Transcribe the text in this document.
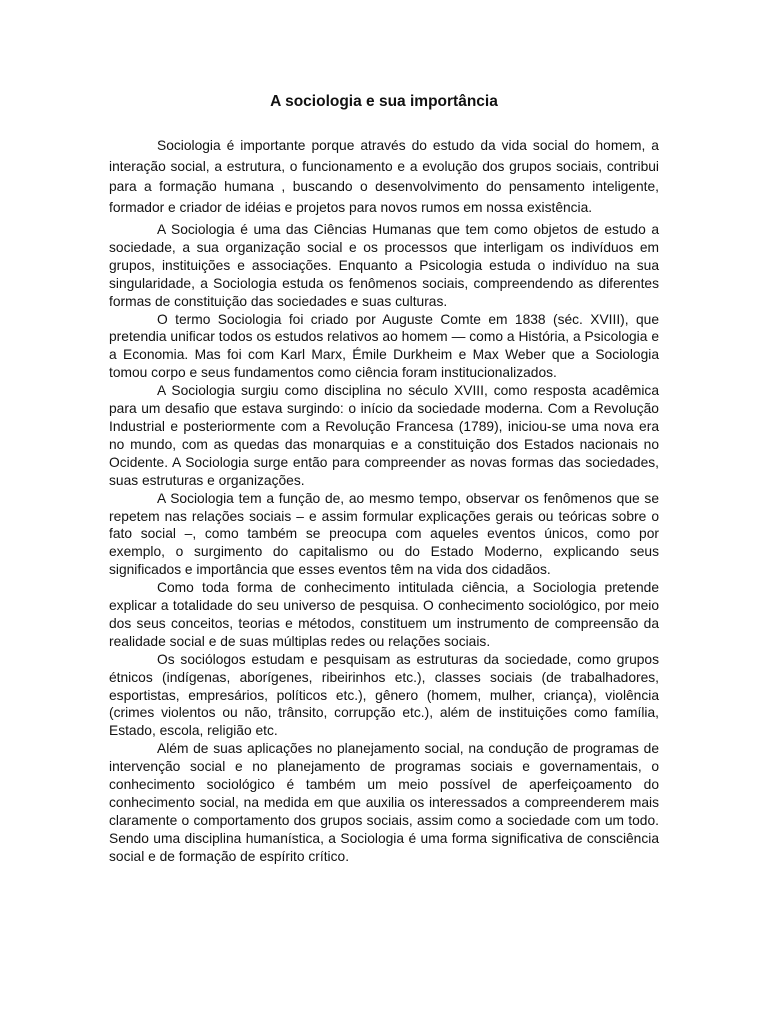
A sociologia e sua importância

Sociologia é importante porque através do estudo da vida social do homem, a interação social, a estrutura, o funcionamento e a evolução dos grupos sociais, contribui para a formação humana , buscando o desenvolvimento do pensamento inteligente, formador e criador de idéias e projetos para novos rumos em nossa existência.

A Sociologia é uma das Ciências Humanas que tem como objetos de estudo a sociedade, a sua organização social e os processos que interligam os indivíduos em grupos, instituições e associações. Enquanto a Psicologia estuda o indivíduo na sua singularidade, a Sociologia estuda os fenômenos sociais, compreendendo as diferentes formas de constituição das sociedades e suas culturas.

O termo Sociologia foi criado por Auguste Comte em 1838 (séc. XVIII), que pretendia unificar todos os estudos relativos ao homem — como a História, a Psicologia e a Economia. Mas foi com Karl Marx, Émile Durkheim e Max Weber que a Sociologia tomou corpo e seus fundamentos como ciência foram institucionalizados.

A Sociologia surgiu como disciplina no século XVIII, como resposta acadêmica para um desafio que estava surgindo: o início da sociedade moderna. Com a Revolução Industrial e posteriormente com a Revolução Francesa (1789), iniciou-se uma nova era no mundo, com as quedas das monarquias e a constituição dos Estados nacionais no Ocidente. A Sociologia surge então para compreender as novas formas das sociedades, suas estruturas e organizações.

A Sociologia tem a função de, ao mesmo tempo, observar os fenômenos que se repetem nas relações sociais – e assim formular explicações gerais ou teóricas sobre o fato social –, como também se preocupa com aqueles eventos únicos, como por exemplo, o surgimento do capitalismo ou do Estado Moderno, explicando seus significados e importância que esses eventos têm na vida dos cidadãos.

Como toda forma de conhecimento intitulada ciência, a Sociologia pretende explicar a totalidade do seu universo de pesquisa. O conhecimento sociológico, por meio dos seus conceitos, teorias e métodos, constituem um instrumento de compreensão da realidade social e de suas múltiplas redes ou relações sociais.

Os sociólogos estudam e pesquisam as estruturas da sociedade, como grupos étnicos (indígenas, aborígenes, ribeirinhos etc.), classes sociais (de trabalhadores, esportistas, empresários, políticos etc.), gênero (homem, mulher, criança), violência (crimes violentos ou não, trânsito, corrupção etc.), além de instituições como família, Estado, escola, religião etc.

Além de suas aplicações no planejamento social, na condução de programas de intervenção social e no planejamento de programas sociais e governamentais, o conhecimento sociológico é também um meio possível de aperfeiçoamento do conhecimento social, na medida em que auxilia os interessados a compreenderem mais claramente o comportamento dos grupos sociais, assim como a sociedade com um todo. Sendo uma disciplina humanística, a Sociologia é uma forma significativa de consciência social e de formação de espírito crítico.
